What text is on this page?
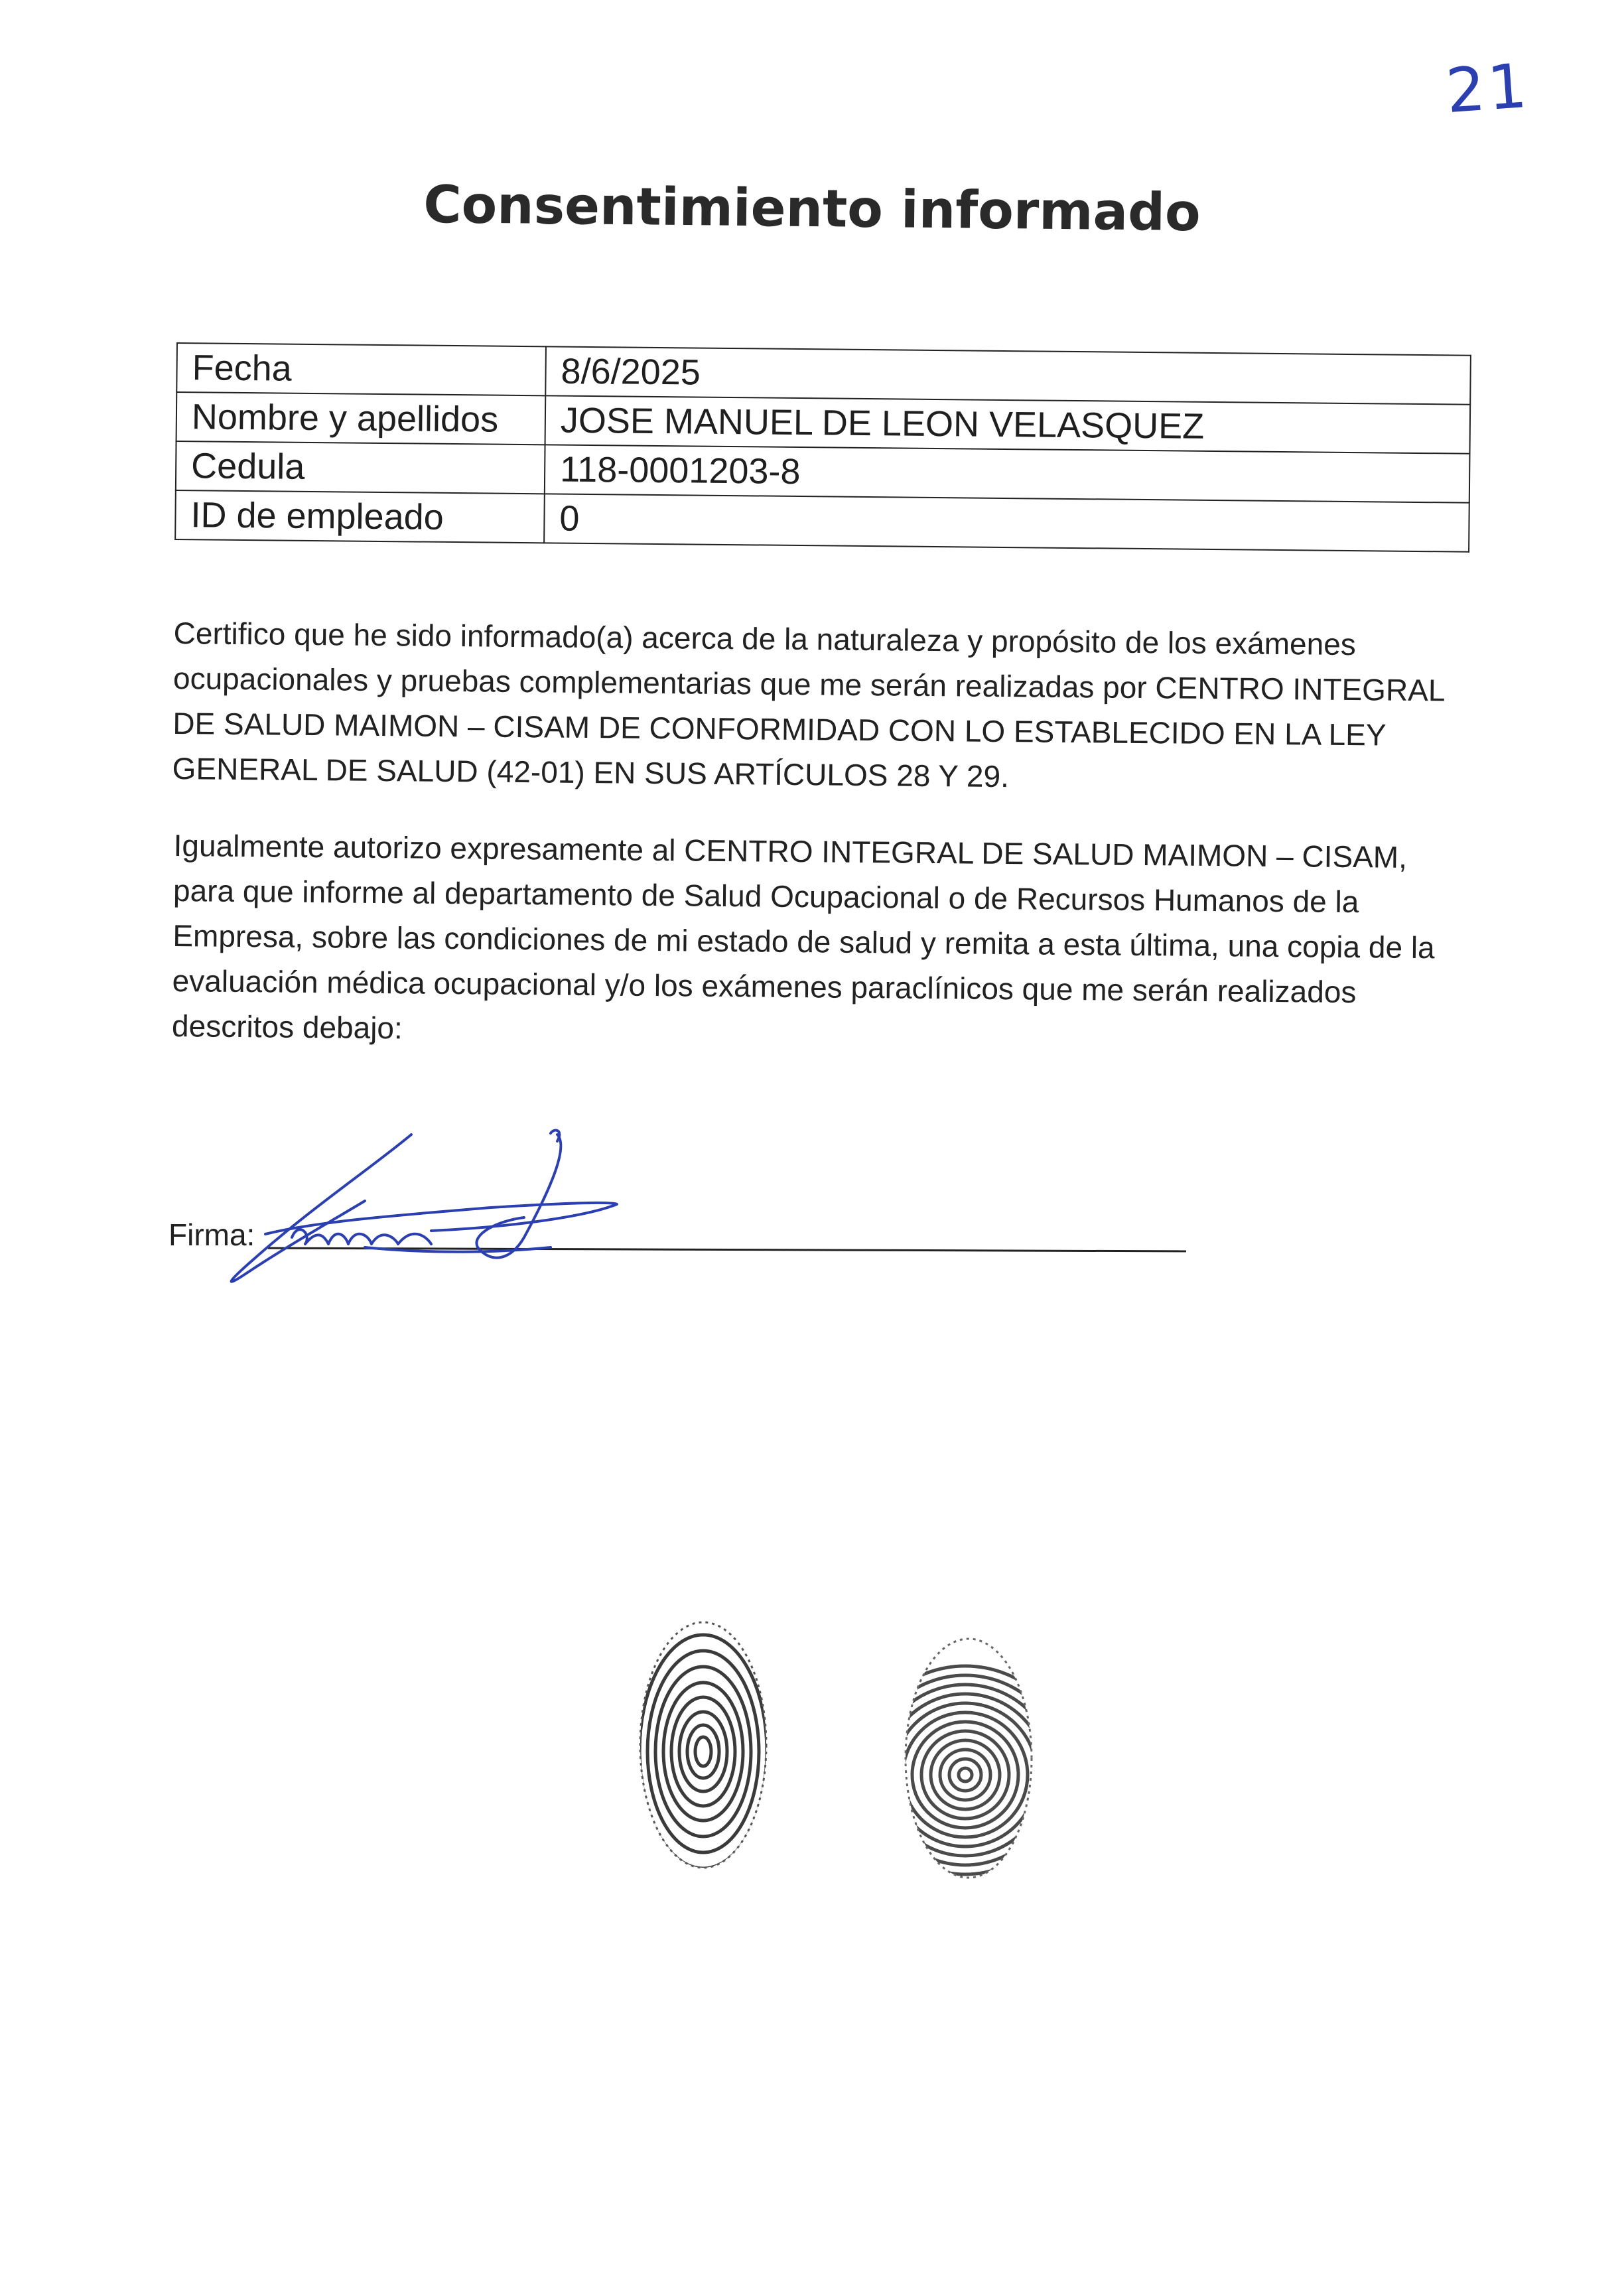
21
Consentimiento informado
Fecha	8/6/2025
Nombre y apellidos	JOSE MANUEL DE LEON VELASQUEZ
Cedula	118-0001203-8
ID de empleado	0

Certifico que he sido informado(a) acerca de la naturaleza y propósito de los exámenes ocupacionales y pruebas complementarias que me serán realizadas por CENTRO INTEGRAL DE SALUD MAIMON – CISAM DE CONFORMIDAD CON LO ESTABLECIDO EN LA LEY GENERAL DE SALUD (42-01) EN SUS ARTÍCULOS 28 Y 29.

Igualmente autorizo expresamente al CENTRO INTEGRAL DE SALUD MAIMON – CISAM, para que informe al departamento de Salud Ocupacional o de Recursos Humanos de la Empresa, sobre las condiciones de mi estado de salud y remita a esta última, una copia de la evaluación médica ocupacional y/o los exámenes paraclínicos que me serán realizados descritos debajo:

Firma:
